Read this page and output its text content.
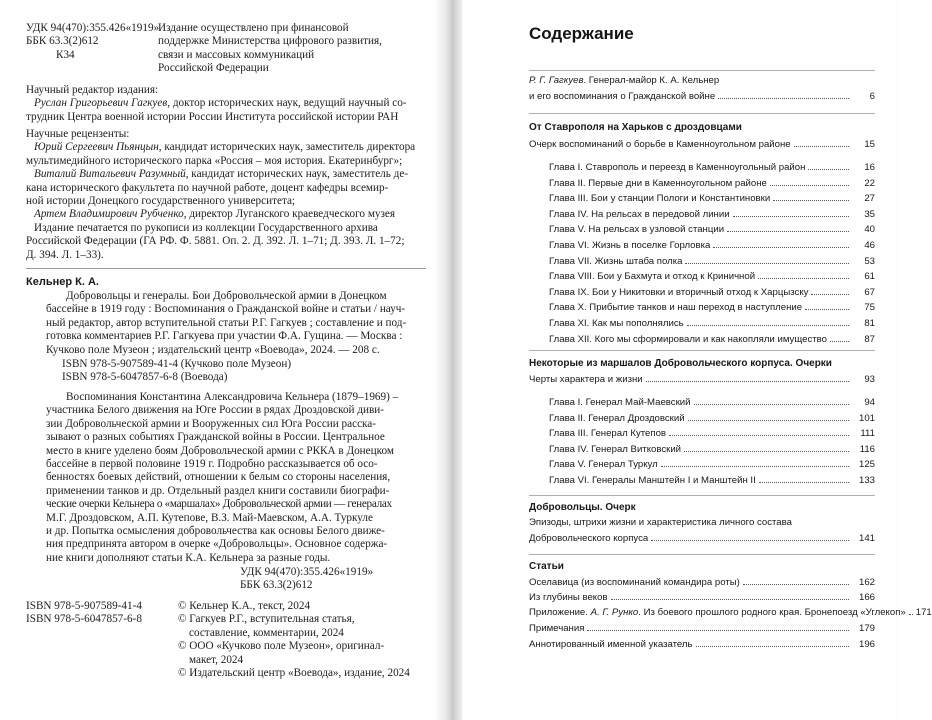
УДК 94(470):355.426«1919»
ББК 63.3(2)612
К34
Издание осуществлено при финансовой
поддержке Министерства цифрового развития,
связи и массовых коммуникаций
Российской Федерации
Научный редактор издания:
Руслан Григорьевич Гагкуев, доктор исторических наук, ведущий научный со-
трудник Центра военной истории России Института российской истории РАН
Научные рецензенты:
Юрий Сергеевич Пьянцын, кандидат исторических наук, заместитель директора
мультимедийного исторического парка «Россия – моя история. Екатеринбург»;
Виталий Витальевич Разумный, кандидат исторических наук, заместитель де-
кана исторического факультета по научной работе, доцент кафедры всемир-
ной истории Донецкого государственного университета;
Артем Владимирович Рубченко, директор Луганского краеведческого музея
Издание печатается по рукописи из коллекции Государственного архива
Российской Федерации (ГА РФ. Ф. 5881. Оп. 2. Д. 392. Л. 1–71; Д. 393. Л. 1–72;
Д. 394. Л. 1–33).
Кельнер К. А.
Добровольцы и генералы. Бои Добровольческой армии в Донецком
бассейне в 1919 году : Воспоминания о Гражданской войне и статьи / науч-
ный редактор, автор вступительной статьи Р.Г. Гагкуев ; составление и под-
готовка комментариев Р.Г. Гагкуева при участии Ф.А. Гущина. — Москва :
Кучково поле Музеон ; издательский центр «Воевода», 2024. — 208 с.
ISBN 978-5-907589-41-4 (Кучково поле Музеон)
ISBN 978-5-6047857-6-8 (Воевода)
Воспоминания Константина Александровича Кельнера (1879–1969) –
участника Белого движения на Юге России в рядах Дроздовской диви-
зии Добровольческой армии и Вооруженных сил Юга России расска-
зывают о разных событиях Гражданской войны в России. Центральное
место в книге уделено боям Добровольческой армии с РККА в Донецком
бассейне в первой половине 1919 г. Подробно рассказывается об осо-
бенностях боевых действий, отношении к белым со стороны населения,
применении танков и др. Отдельный раздел книги составили биографи-
ческие очерки Кельнера о «маршалах» Добровольческой армии — генералах
М.Г. Дроздовском, А.П. Кутепове, В.З. Май-Маевском, А.А. Туркуле
и др. Попытка осмысления добровольчества как основы Белого движе-
ния предпринята автором в очерке «Добровольцы». Основное содержа-
ние книги дополняют статьи К.А. Кельнера за разные годы.
УДК 94(470):355.426«1919»
ББК 63.3(2)612
ISBN 978-5-907589-41-4
ISBN 978-5-6047857-6-8
© Кельнер К.А., текст, 2024
© Гагкуев Р.Г., вступительная статья,
составление, комментарии, 2024
© ООО «Кучково поле Музеон», оригинал-
макет, 2024
© Издательский центр «Воевода», издание, 2024
Содержание
Р. Г. Гагкуев. Генерал-майор К. А. Кельнер
и его воспоминания о Гражданской войне	6
От Ставрополя на Харьков с дроздовцами
Очерк воспоминаний о борьбе в Каменноугольном районе	15
Глава I. Ставрополь и переезд в Каменноугольный район	16
Глава II. Первые дни в Каменноугольном районе	22
Глава III. Бои у станции Пологи и Константиновки	27
Глава IV. На рельсах в передовой линии	35
Глава V. На рельсах в узловой станции	40
Глава VI. Жизнь в поселке Горловка	46
Глава VII. Жизнь штаба полка	53
Глава VIII. Бои у Бахмута и отход к Криничной	61
Глава IX. Бои у Никитовки и вторичный отход к Харцызску	67
Глава X. Прибытие танков и наш переход в наступление	75
Глава XI. Как мы пополнялись	81
Глава XII. Кого мы сформировали и как накопляли имущество	87
Некоторые из маршалов Добровольческого корпуса. Очерки
Черты характера и жизни	93
Глава I. Генерал Май-Маевский	94
Глава II. Генерал Дроздовский	101
Глава III. Генерал Кутепов	111
Глава IV. Генерал Витковский	116
Глава V. Генерал Туркул	125
Глава VI. Генералы Манштейн I и Манштейн II	133
Добровольцы. Очерк
Эпизоды, штрихи жизни и характеристика личного состава
Добровольческого корпуса	141
Статьи
Оселавица (из воспоминаний командира роты)	162
Из глубины веков	166
Приложение. А. Г. Рунко. Из боевого прошлого родного края. Бронепоезд «Углекоп»	171
Примечания	179
Аннотированный именной указатель	196
